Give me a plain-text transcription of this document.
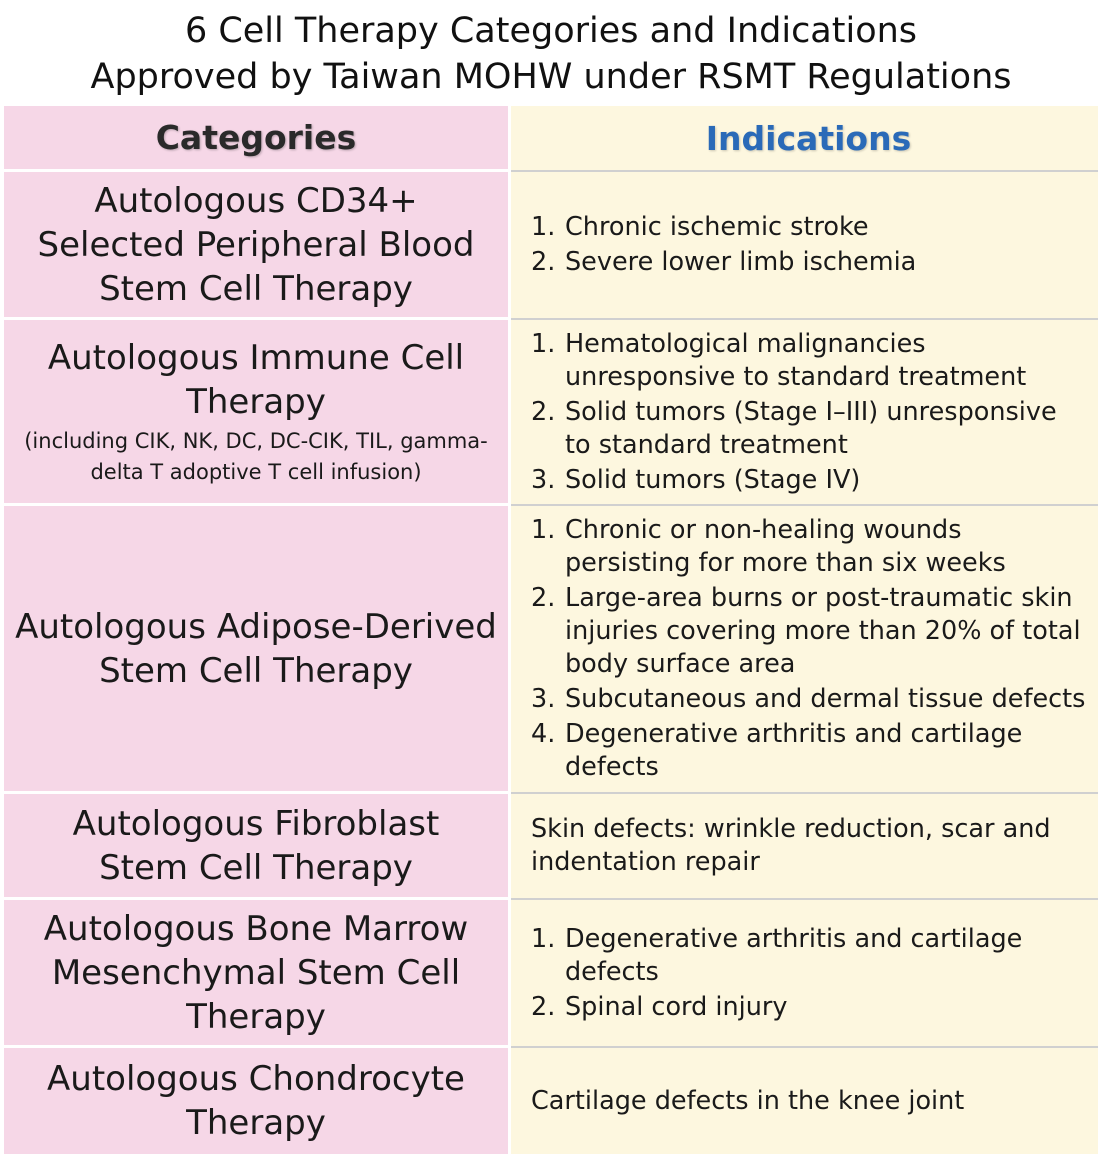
6 Cell Therapy Categories and Indications
Approved by Taiwan MOHW under RSMT Regulations
Categories	Indications
Autologous CD34+ Selected Peripheral Blood Stem Cell Therapy
1. Chronic ischemic stroke
2. Severe lower limb ischemia
Autologous Immune Cell Therapy
(including CIK, NK, DC, DC-CIK, TIL, gamma-delta T adoptive T cell infusion)
1. Hematological malignancies unresponsive to standard treatment
2. Solid tumors (Stage I–III) unresponsive to standard treatment
3. Solid tumors (Stage IV)
Autologous Adipose-Derived Stem Cell Therapy
1. Chronic or non-healing wounds persisting for more than six weeks
2. Large-area burns or post-traumatic skin injuries covering more than 20% of total body surface area
3. Subcutaneous and dermal tissue defects
4. Degenerative arthritis and cartilage defects
Autologous Fibroblast Stem Cell Therapy
Skin defects: wrinkle reduction, scar and indentation repair
Autologous Bone Marrow Mesenchymal Stem Cell Therapy
1. Degenerative arthritis and cartilage defects
2. Spinal cord injury
Autologous Chondrocyte Therapy
Cartilage defects in the knee joint
